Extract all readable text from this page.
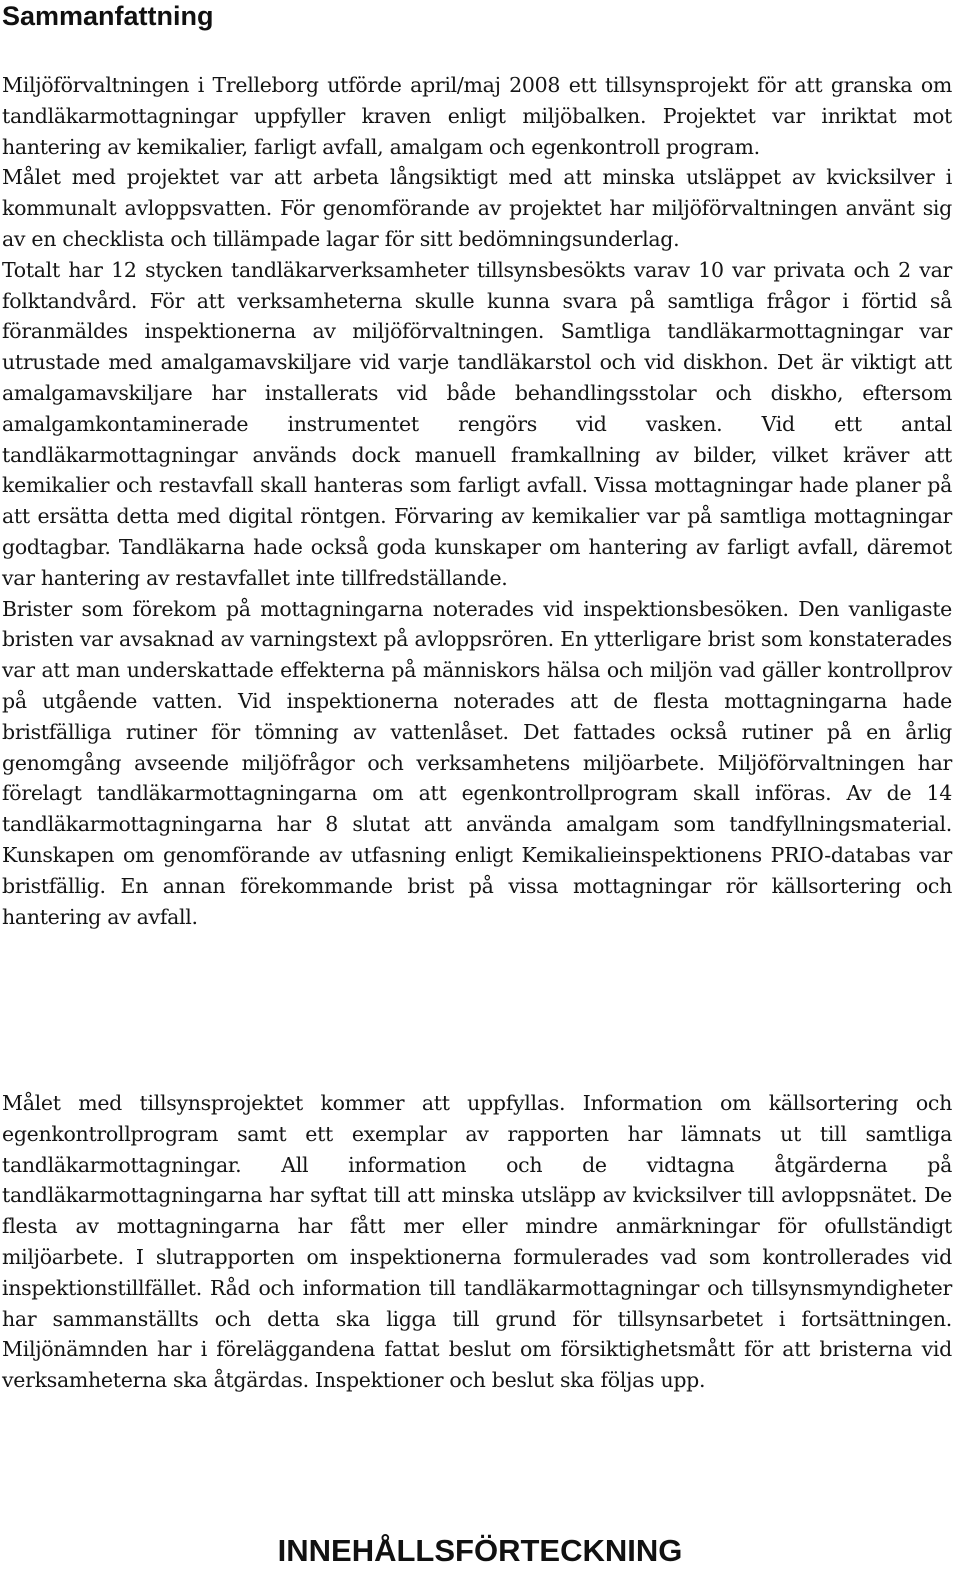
Sammanfattning

Miljöförvaltningen i Trelleborg utförde april/maj 2008 ett tillsynsprojekt för att granska om tandläkarmottagningar uppfyller kraven enligt miljöbalken. Projektet var inriktat mot hantering av kemikalier, farligt avfall, amalgam och egenkontroll program.

Målet med projektet var att arbeta långsiktigt med att minska utsläppet av kvicksilver i kommunalt avloppsvatten. För genomförande av projektet har miljöförvaltningen använt sig av en checklista och tillämpade lagar för sitt bedömningsunderlag.

Totalt har 12 stycken tandläkarverksamheter tillsynsbesökts varav 10 var privata och 2 var folktandvård. För att verksamheterna skulle kunna svara på samtliga frågor i förtid så föranmäldes inspektionerna av miljöförvaltningen. Samtliga tandläkarmottagningar var utrustade med amalgamavskiljare vid varje tandläkarstol och vid diskhon. Det är viktigt att amalgamavskiljare har installerats vid både behandlingsstolar och diskho, eftersom amalgamkontaminerade instrumentet rengörs vid vasken. Vid ett antal tandläkarmottagningar används dock manuell framkallning av bilder, vilket kräver att kemikalier och restavfall skall hanteras som farligt avfall. Vissa mottagningar hade planer på att ersätta detta med digital röntgen. Förvaring av kemikalier var på samtliga mottagningar godtagbar. Tandläkarna hade också goda kunskaper om hantering av farligt avfall, däremot var hantering av restavfallet inte tillfredställande.

Brister som förekom på mottagningarna noterades vid inspektionsbesöken. Den vanligaste bristen var avsaknad av varningstext på avloppsrören. En ytterligare brist som konstaterades var att man underskattade effekterna på människors hälsa och miljön vad gäller kontrollprov på utgående vatten. Vid inspektionerna noterades att de flesta mottagningarna hade bristfälliga rutiner för tömning av vattenlåset. Det fattades också rutiner på en årlig genomgång avseende miljöfrågor och verksamhetens miljöarbete. Miljöförvaltningen har förelagt tandläkarmottagningarna om att egenkontrollprogram skall införas. Av de 14 tandläkarmottagningarna har 8 slutat att använda amalgam som tandfyllningsmaterial. Kunskapen om genomförande av utfasning enligt Kemikalieinspektionens PRIO-databas var bristfällig. En annan förekommande brist på vissa mottagningar rör källsortering och hantering av avfall.

Målet med tillsynsprojektet kommer att uppfyllas. Information om källsortering och egenkontrollprogram samt ett exemplar av rapporten har lämnats ut till samtliga tandläkarmottagningar. All information och de vidtagna åtgärderna på tandläkarmottagningarna har syftat till att minska utsläpp av kvicksilver till avloppsnätet. De flesta av mottagningarna har fått mer eller mindre anmärkningar för ofullständigt miljöarbete. I slutrapporten om inspektionerna formulerades vad som kontrollerades vid inspektionstillfället. Råd och information till tandläkarmottagningar och tillsynsmyndigheter har sammanställts och detta ska ligga till grund för tillsynsarbetet i fortsättningen. Miljönämnden har i föreläggandena fattat beslut om försiktighetsmått för att bristerna vid verksamheterna ska åtgärdas. Inspektioner och beslut ska följas upp.

INNEHÅLLSFÖRTECKNING
